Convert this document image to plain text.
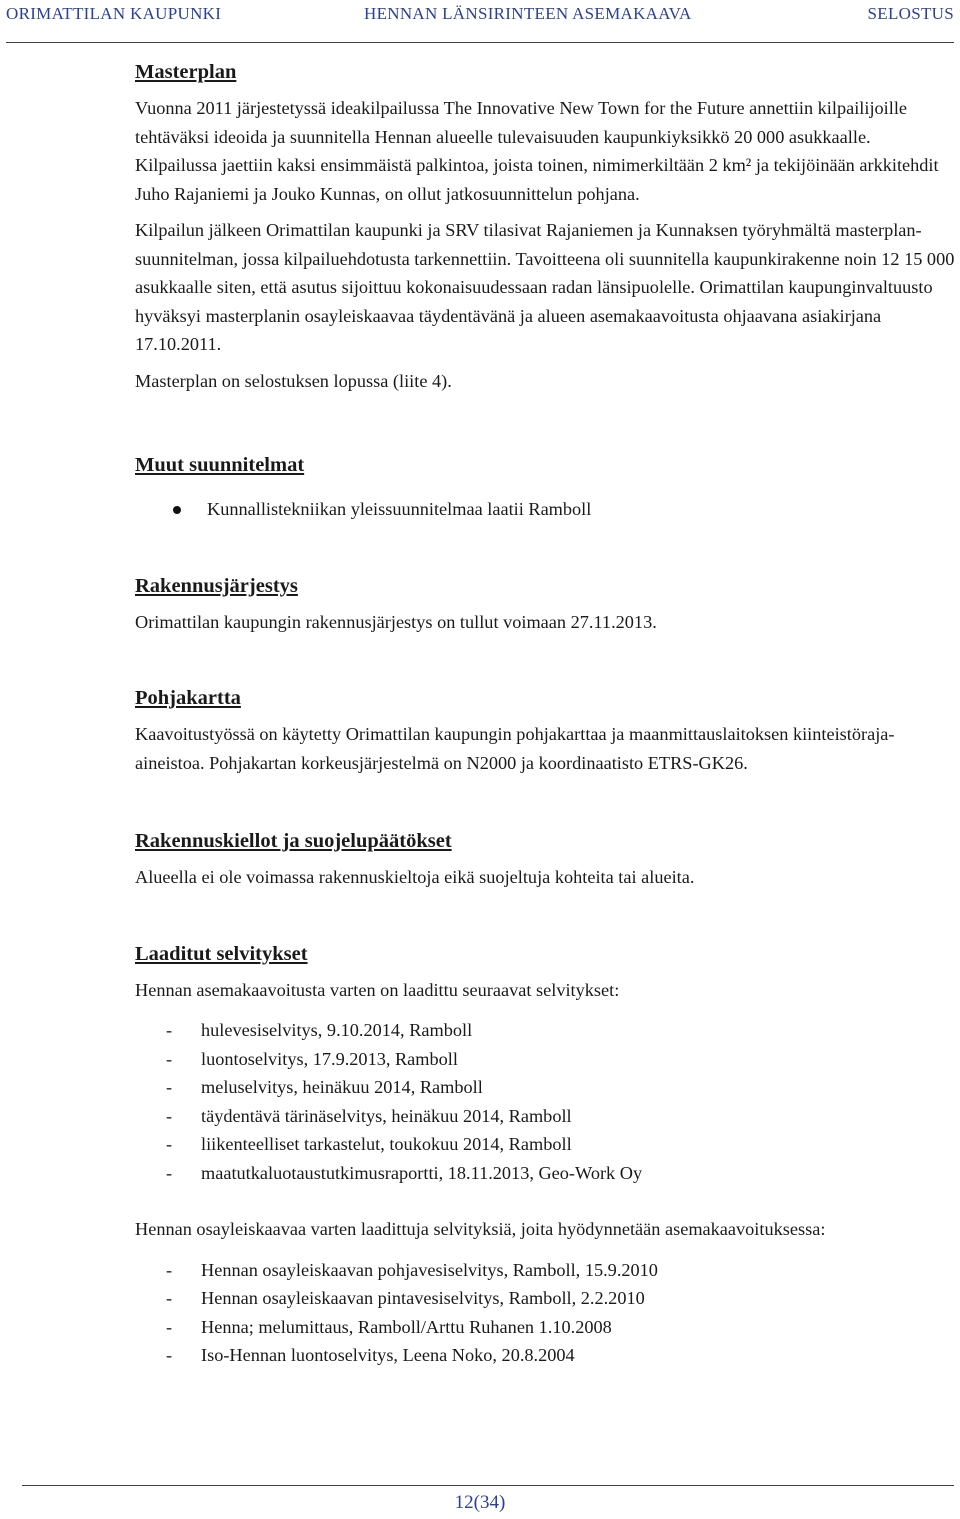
ORIMATTILAN KAUPUNKI	HENNAN LÄNSIRINTEEN ASEMAKAAVA	SELOSTUS
Masterplan

Vuonna 2011 järjestetyssä ideakilpailussa The Innovative New Town for the Future annettiin kilpailijoille tehtäväksi ideoida ja suunnitella Hennan alueelle tulevaisuuden kaupunkiyksikkö 20 000 asukkaalle. Kilpailussa jaettiin kaksi ensimmäistä palkintoa, joista toinen, nimimerkiltään 2 km² ja tekijöinään arkkitehdit Juho Rajaniemi ja Jouko Kunnas, on ollut jatkosuunnittelun pohjana.

Kilpailun jälkeen Orimattilan kaupunki ja SRV tilasivat Rajaniemen ja Kunnaksen työryhmältä masterplan-suunnitelman, jossa kilpailuehdotusta tarkennettiin. Tavoitteena oli suunnitella kaupunkirakenne noin 12 15 000 asukkaalle siten, että asutus sijoittuu kokonaisuudessaan radan länsipuolelle. Orimattilan kaupunginvaltuusto hyväksyi masterplanin osayleiskaavaa täydentävänä ja alueen asemakaavoitusta ohjaavana asiakirjana 17.10.2011.

Masterplan on selostuksen lopussa (liite 4).

Muut suunnitelmat
Kunnallistekniikan yleissuunnitelmaa laatii Ramboll
Rakennusjärjestys

Orimattilan kaupungin rakennusjärjestys on tullut voimaan 27.11.2013.

Pohjakartta

Kaavoitustyössä on käytetty Orimattilan kaupungin pohjakarttaa ja maanmittauslaitoksen kiinteistöraja-aineistoa. Pohjakartan korkeusjärjestelmä on N2000 ja koordinaatisto ETRS-GK26.

Rakennuskiellot ja suojelupäätökset

Alueella ei ole voimassa rakennuskieltoja eikä suojeltuja kohteita tai alueita.

Laaditut selvitykset

Hennan asemakaavoitusta varten on laadittu seuraavat selvitykset:

- hulevesiselvitys, 9.10.2014, Ramboll
- luontoselvitys, 17.9.2013, Ramboll
- meluselvitys, heinäkuu 2014, Ramboll
- täydentävä tärinäselvitys, heinäkuu 2014, Ramboll
- liikenteelliset tarkastelut, toukokuu 2014, Ramboll
- maatutkaluotaustutkimusraportti, 18.11.2013, Geo-Work Oy

Hennan osayleiskaavaa varten laadittuja selvityksiä, joita hyödynnetään asemakaavoituksessa:

- Hennan osayleiskaavan pohjavesiselvitys, Ramboll, 15.9.2010
- Hennan osayleiskaavan pintavesiselvitys, Ramboll, 2.2.2010
- Henna; melumittaus, Ramboll/Arttu Ruhanen 1.10.2008
- Iso-Hennan luontoselvitys, Leena Noko, 20.8.2004
12(34)
